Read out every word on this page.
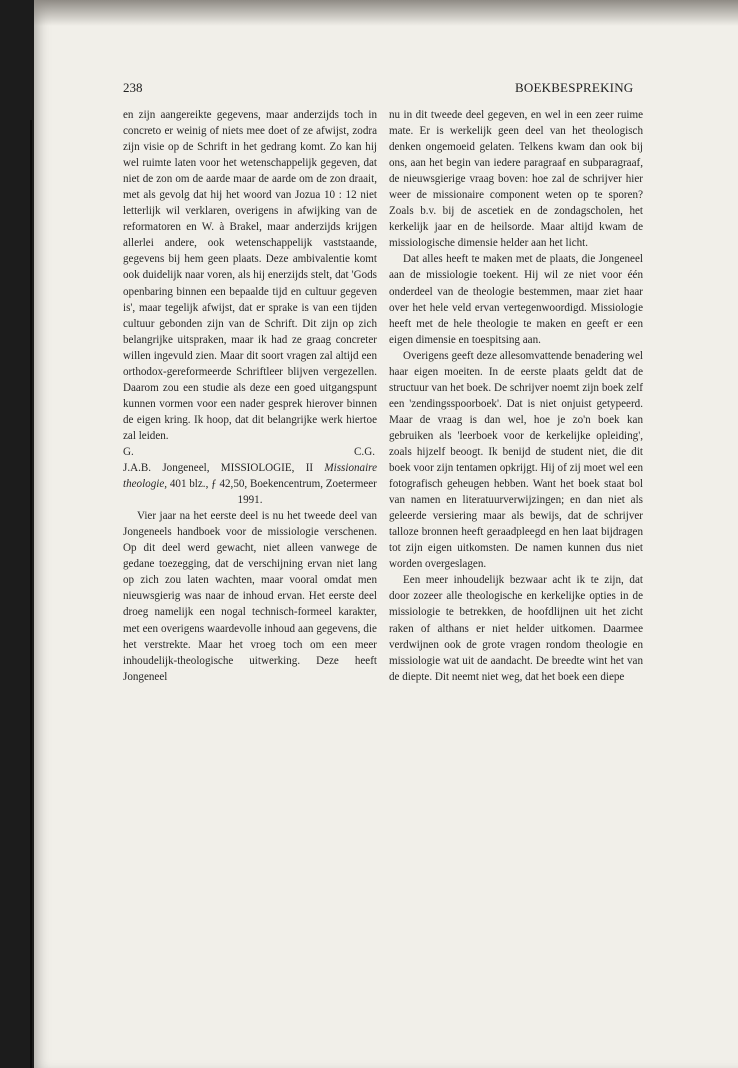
238	BOEKBESPREKING

en zijn aangereikte gegevens, maar anderzijds toch in concreto er weinig of niets mee doet of ze afwijst, zodra zijn visie op de Schrift in het gedrang komt. Zo kan hij wel ruimte laten voor het wetenschappelijk gegeven, dat niet de zon om de aarde maar de aarde om de zon draait, met als gevolg dat hij het woord van Jozua 10 : 12 niet letterlijk wil verklaren, overigens in afwijking van de reformatoren en W. à Brakel, maar anderzijds krijgen allerlei andere, ook wetenschappelijk vaststaande, gegevens bij hem geen plaats. Deze ambivalentie komt ook duidelijk naar voren, als hij enerzijds stelt, dat 'Gods openbaring binnen een bepaalde tijd en cultuur gegeven is', maar tegelijk afwijst, dat er sprake is van een tijden cultuur gebonden zijn van de Schrift. Dit zijn op zich belangrijke uitspraken, maar ik had ze graag concreter willen ingevuld zien. Maar dit soort vragen zal altijd een orthodox-gereformeerde Schriftleer blijven vergezellen. Daarom zou een studie als deze een goed uitgangspunt kunnen vormen voor een nader gesprek hierover binnen de eigen kring. Ik hoop, dat dit belangrijke werk hiertoe zal leiden.

G.	C.G.

J.A.B. Jongeneel, MISSIOLOGIE, II Missionaire theologie, 401 blz., ƒ 42,50, Boekencentrum, Zoetermeer
1991.

Vier jaar na het eerste deel is nu het tweede deel van Jongeneels handboek voor de missiologie verschenen. Op dit deel werd gewacht, niet alleen vanwege de gedane toezegging, dat de verschijning ervan niet lang op zich zou laten wachten, maar vooral omdat men nieuwsgierig was naar de inhoud ervan. Het eerste deel droeg namelijk een nogal technisch-formeel karakter, met een overigens waardevolle inhoud aan gegevens, die het verstrekte. Maar het vroeg toch om een meer inhoudelijk-theologische uitwerking. Deze heeft Jongeneel

nu in dit tweede deel gegeven, en wel in een zeer ruime mate. Er is werkelijk geen deel van het theologisch denken ongemoeid gelaten. Telkens kwam dan ook bij ons, aan het begin van iedere paragraaf en subparagraaf, de nieuwsgierige vraag boven: hoe zal de schrijver hier weer de missionaire component weten op te sporen? Zoals b.v. bij de ascetiek en de zondagscholen, het kerkelijk jaar en de heilsorde. Maar altijd kwam de missiologische dimensie helder aan het licht.

Dat alles heeft te maken met de plaats, die Jongeneel aan de missiologie toekent. Hij wil ze niet voor één onderdeel van de theologie bestemmen, maar ziet haar over het hele veld ervan vertegenwoordigd. Missiologie heeft met de hele theologie te maken en geeft er een eigen dimensie en toespitsing aan.

Overigens geeft deze allesomvattende benadering wel haar eigen moeiten. In de eerste plaats geldt dat de structuur van het boek. De schrijver noemt zijn boek zelf een 'zendingsspoorboek'. Dat is niet onjuist getypeerd. Maar de vraag is dan wel, hoe je zo'n boek kan gebruiken als 'leerboek voor de kerkelijke opleiding', zoals hijzelf beoogt. Ik benijd de student niet, die dit boek voor zijn tentamen opkrijgt. Hij of zij moet wel een fotografisch geheugen hebben. Want het boek staat bol van namen en literatuurverwijzingen; en dan niet als geleerde versiering maar als bewijs, dat de schrijver talloze bronnen heeft geraadpleegd en hen laat bijdragen tot zijn eigen uitkomsten. De namen kunnen dus niet worden overgeslagen.

Een meer inhoudelijk bezwaar acht ik te zijn, dat door zozeer alle theologische en kerkelijke opties in de missiologie te betrekken, de hoofdlijnen uit het zicht raken of althans er niet helder uitkomen. Daarmee verdwijnen ook de grote vragen rondom theologie en missiologie wat uit de aandacht. De breedte wint het van de diepte. Dit neemt niet weg, dat het boek een diepe
